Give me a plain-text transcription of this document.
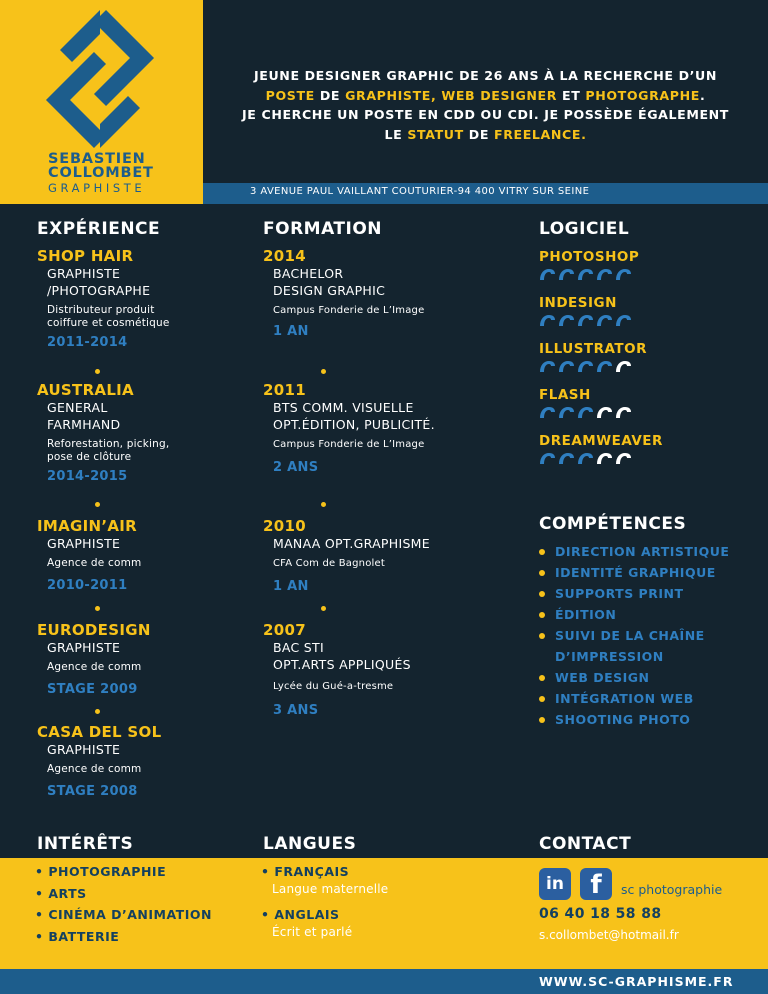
SEBASTIEN
COLLOMBET
GRAPHISTE
JEUNE DESIGNER GRAPHIC DE 26 ANS À LA RECHERCHE D’UN
POSTE DE GRAPHISTE, WEB DESIGNER ET PHOTOGRAPHE.
JE CHERCHE UN POSTE EN CDD OU CDI. JE POSSÈDE ÉGALEMENT
LE STATUT DE FREELANCE.
3 AVENUE PAUL VAILLANT COUTURIER-94 400 VITRY SUR SEINE
EXPÉRIENCE
SHOP HAIR
GRAPHISTE
/PHOTOGRAPHE
Distributeur produit
coiffure et cosmétique
2011-2014
AUSTRALIA
GENERAL
FARMHAND
Reforestation, picking,
pose de clôture
2014-2015
IMAGIN’AIR
GRAPHISTE
Agence de comm
2010-2011
EURODESIGN
GRAPHISTE
Agence de comm
STAGE 2009
CASA DEL SOL
GRAPHISTE
Agence de comm
STAGE 2008
FORMATION
2014
BACHELOR
DESIGN GRAPHIC
Campus Fonderie de L’Image
1 AN
2011
BTS COMM. VISUELLE
OPT.ÉDITION, PUBLICITÉ.
Campus Fonderie de L’Image
2 ANS
2010
MANAA OPT.GRAPHISME
CFA Com de Bagnolet
1 AN
2007
BAC STI
OPT.ARTS APPLIQUÉS
Lycée du Gué-a-tresme
3 ANS
LOGICIEL
PHOTOSHOP
INDESIGN
ILLUSTRATOR
FLASH
DREAMWEAVER
COMPÉTENCES
DIRECTION ARTISTIQUE
IDENTITÉ GRAPHIQUE
SUPPORTS PRINT
ÉDITION
SUIVI DE LA CHAÎNE
D’IMPRESSION
WEB DESIGN
INTÉGRATION WEB
SHOOTING PHOTO
INTÉRÊTS	LANGUES	CONTACT
• PHOTOGRAPHIE
• ARTS
• CINÉMA D’ANIMATION
• BATTERIE
• FRANÇAIS
Langue maternelle
• ANGLAIS
Écrit et parlé
in	f	sc photographie
06 40 18 58 88
s.collombet@hotmail.fr
WWW.SC-GRAPHISME.FR
